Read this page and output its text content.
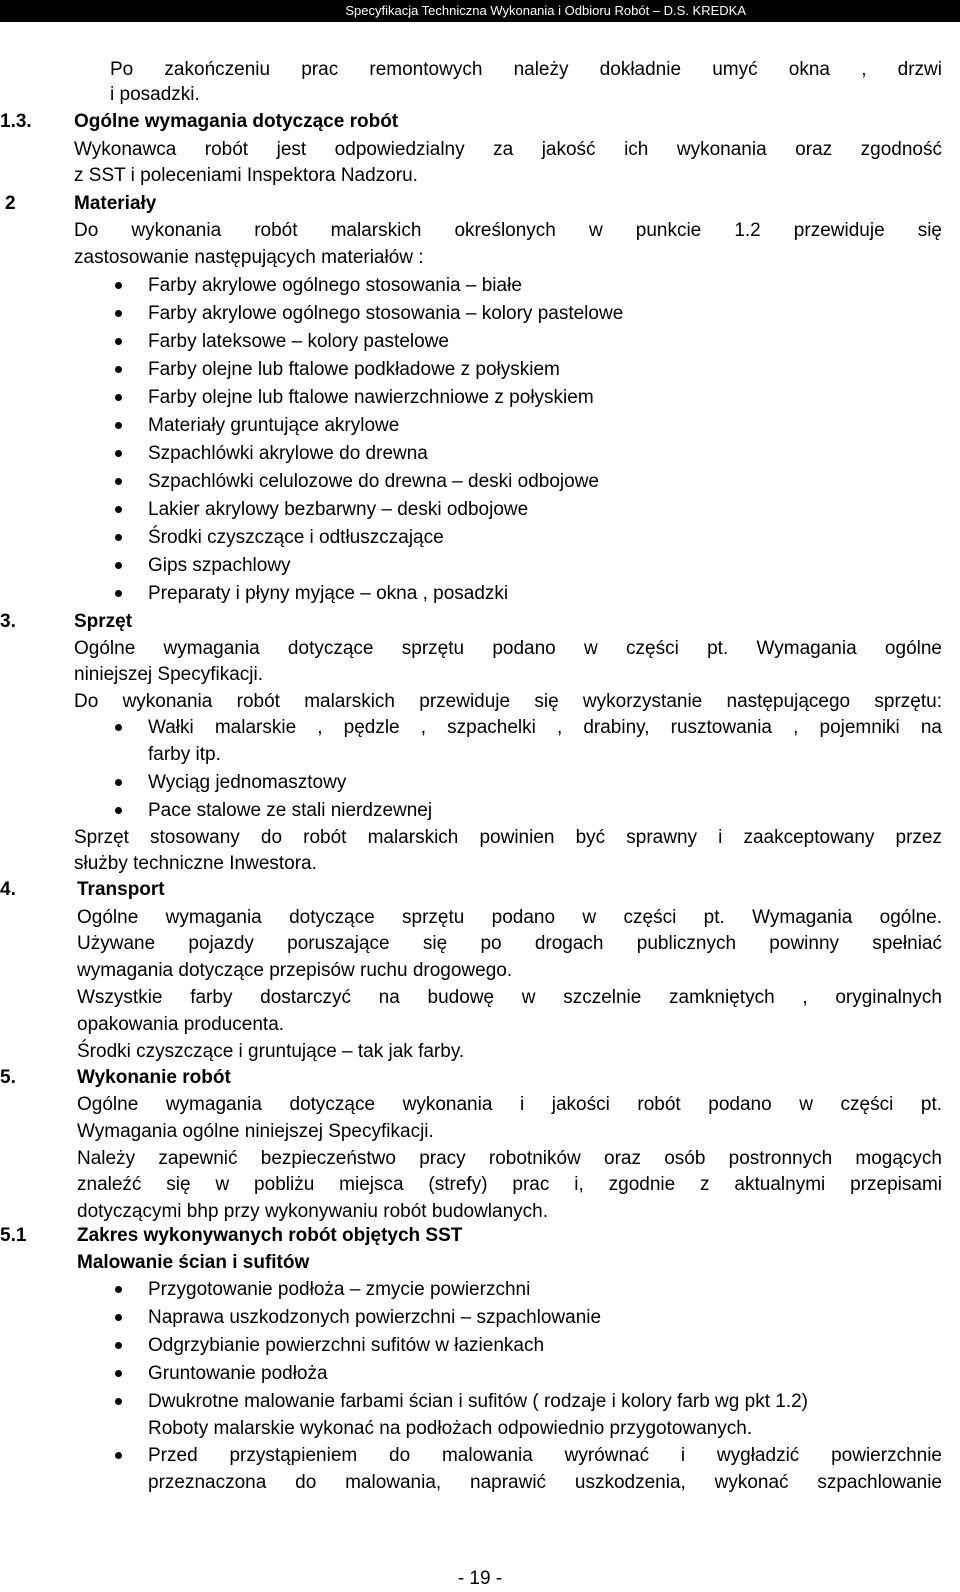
Specyfikacja Techniczna Wykonania i Odbioru Robót – D.S. KREDKA
Po zakończeniu prac remontowych należy dokładnie umyć okna , drzwi
i posadzki.
1.3. Ogólne wymagania dotyczące robót
Wykonawca robót jest odpowiedzialny za jakość ich wykonania oraz zgodność
z SST i poleceniami Inspektora Nadzoru.
2	Materiały
Do wykonania robót malarskich określonych w punkcie 1.2 przewiduje się
zastosowanie następujących materiałów :
Farby akrylowe ogólnego stosowania – białe
Farby akrylowe ogólnego stosowania – kolory pastelowe
Farby lateksowe – kolory pastelowe
Farby olejne lub ftalowe podkładowe z połyskiem
Farby olejne lub ftalowe nawierzchniowe z połyskiem
Materiały gruntujące akrylowe
Szpachlówki akrylowe do drewna
Szpachlówki celulozowe do drewna – deski odbojowe
Lakier akrylowy bezbarwny – deski odbojowe
Środki czyszczące i odtłuszczające
Gips szpachlowy
Preparaty i płyny myjące – okna , posadzki
3.	Sprzęt
Ogólne wymagania dotyczące sprzętu podano w części pt. Wymagania ogólne
niniejszej Specyfikacji.
Do wykonania robót malarskich przewiduje się wykorzystanie następującego sprzętu:
Wałki malarskie , pędzle , szpachelki , drabiny, rusztowania , pojemniki na
farby itp.
Wyciąg jednomasztowy
Pace stalowe ze stali nierdzewnej
Sprzęt stosowany do robót malarskich powinien być sprawny i zaakceptowany przez
służby techniczne Inwestora.
4.	Transport
Ogólne wymagania dotyczące sprzętu podano w części pt. Wymagania ogólne.
Używane pojazdy poruszające się po drogach publicznych powinny spełniać
wymagania dotyczące przepisów ruchu drogowego.
Wszystkie farby dostarczyć na budowę w szczelnie zamkniętych , oryginalnych
opakowania producenta.
Środki czyszczące i gruntujące – tak jak farby.
5.	Wykonanie robót
Ogólne wymagania dotyczące wykonania i jakości robót podano w części pt.
Wymagania ogólne niniejszej Specyfikacji.
Należy zapewnić bezpieczeństwo pracy robotników oraz osób postronnych mogących
znaleźć się w pobliżu miejsca (strefy) prac i, zgodnie z aktualnymi przepisami
dotyczącymi bhp przy wykonywaniu robót budowlanych.
5.1	Zakres wykonywanych robót objętych SST
Malowanie ścian i sufitów
Przygotowanie podłoża – zmycie powierzchni
Naprawa uszkodzonych powierzchni – szpachlowanie
Odgrzybianie powierzchni sufitów w łazienkach
Gruntowanie podłoża
Dwukrotne malowanie farbami ścian i sufitów ( rodzaje i kolory farb wg pkt 1.2)
Roboty malarskie wykonać na podłożach odpowiednio przygotowanych.
Przed przystąpieniem do malowania wyrównać i wygładzić powierzchnie
przeznaczona do malowania, naprawić uszkodzenia, wykonać szpachlowanie
- 19 -
